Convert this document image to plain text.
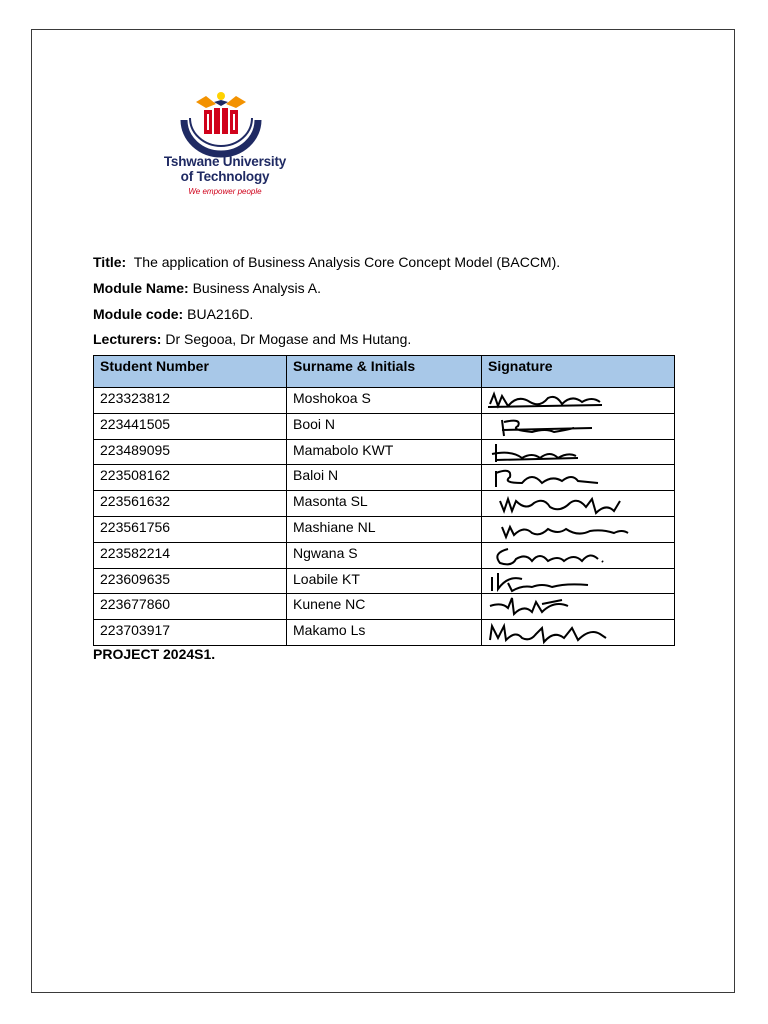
Tshwane University
of Technology
We empower people
Title: The application of Business Analysis Core Concept Model (BACCM).
Module Name: Business Analysis A.
Module code: BUA216D.
Lecturers: Dr Segooa, Dr Mogase and Ms Hutang.
Student Number	Surname & Initials	Signature
223323812	Moshokoa S	

223441505	Booi N	

223489095	Mamabolo KWT	

223508162	Baloi N	

223561632	Masonta SL	

223561756	Mashiane NL	

223582214	Ngwana S	

223609635	Loabile KT	

223677860	Kunene NC	

223703917	Makamo Ls	
PROJECT 2024S1.
